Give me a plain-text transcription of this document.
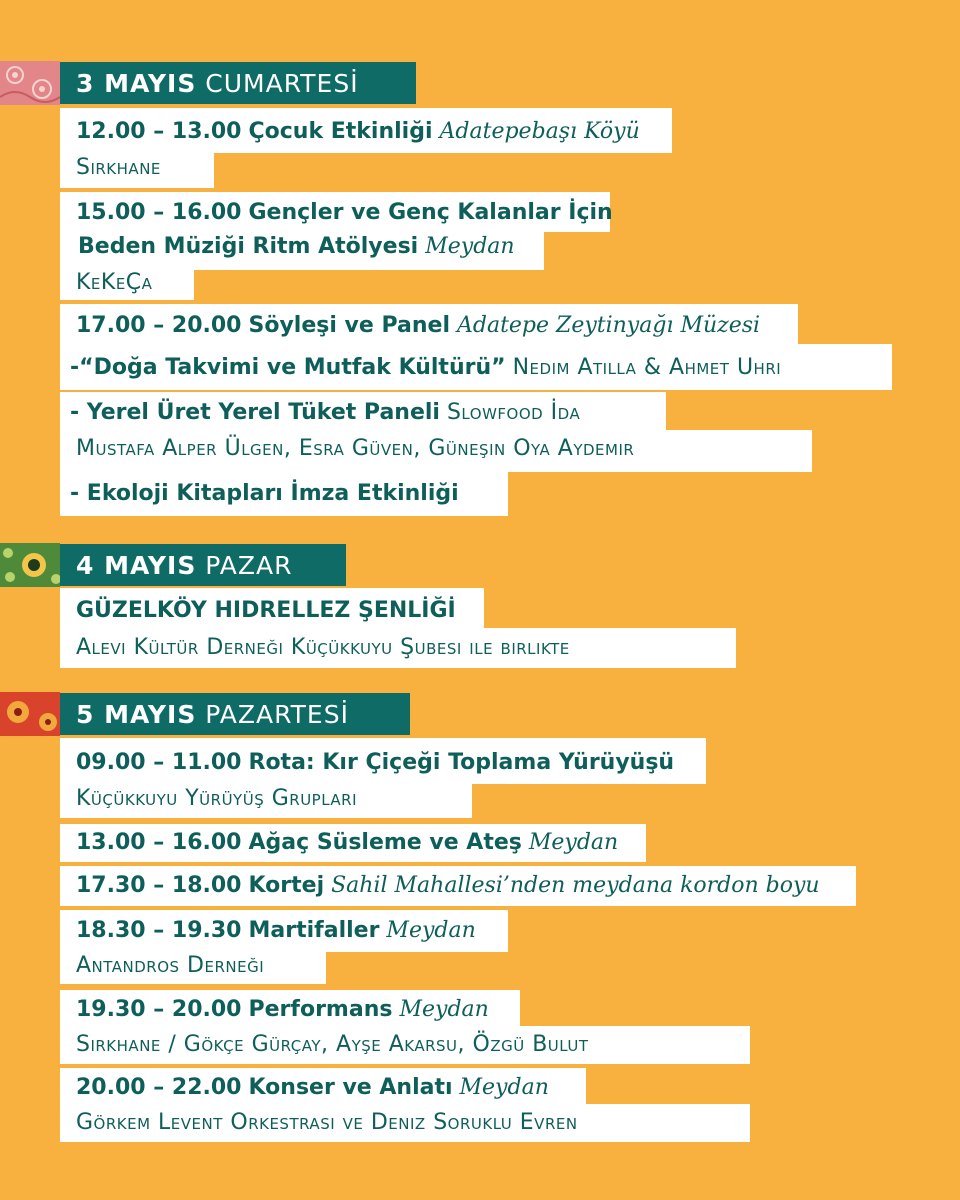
3 MAYIS CUMARTESİ
12.00 – 13.00 Çocuk Etkinliği Adatepebaşı Köyü
Sirkhane
15.00 – 16.00 Gençler ve Genç Kalanlar İçin
Beden Müziği Ritm Atölyesi Meydan
KeKeÇa
17.00 – 20.00 Söyleşi ve Panel Adatepe Zeytinyağı Müzesi
-“Doğa Takvimi ve Mutfak Kültürü” Nedim Atilla & Ahmet Uhri
- Yerel Üret Yerel Tüket Paneli Slowfood İda
Mustafa Alper Ülgen, Esra Güven, Güneşin Oya Aydemir
- Ekoloji Kitapları İmza Etkinliği
4 MAYIS PAZAR
GÜZELKÖY HIDRELLEZ ŞENLİĞİ
Alevi Kültür Derneği Küçükkuyu Şubesi ile birlikte
5 MAYIS PAZARTESİ
09.00 – 11.00 Rota: Kır Çiçeği Toplama Yürüyüşü
Küçükkuyu Yürüyüş Grupları
13.00 – 16.00 Ağaç Süsleme ve Ateş Meydan
17.30 – 18.00 Kortej Sahil Mahallesi’nden meydana kordon boyu
18.30 – 19.30 Martifaller Meydan
Antandros Derneği
19.30 – 20.00 Performans Meydan
Sirkhane / Gökçe Gürçay, Ayşe Akarsu, Özgü Bulut
20.00 – 22.00 Konser ve Anlatı Meydan
Görkem Levent Orkestrası ve Deniz Soruklu Evren
